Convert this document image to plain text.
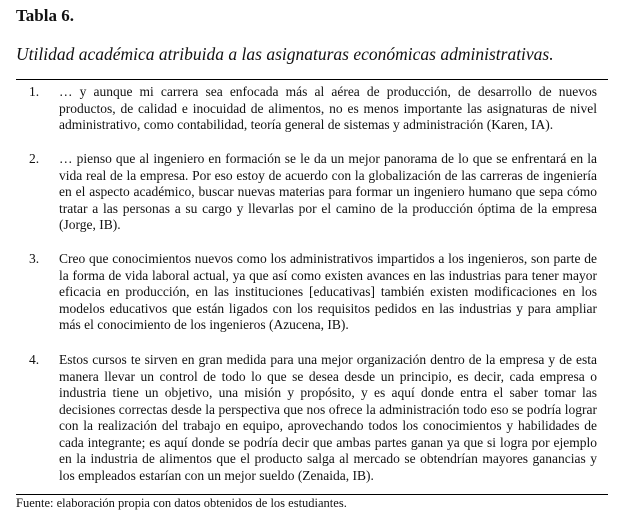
Tabla 6.

Utilidad académica atribuida a las asignaturas económicas administrativas.

1. … y aunque mi carrera sea enfocada más al aérea de producción, de desarrollo de nuevos productos, de calidad e inocuidad de alimentos, no es menos importante las asignaturas de nivel administrativo, como contabilidad, teoría general de sistemas y administración (Karen, IA).
2. … pienso que al ingeniero en formación se le da un mejor panorama de lo que se enfrentará en la vida real de la empresa. Por eso estoy de acuerdo con la globalización de las carreras de ingeniería en el aspecto académico, buscar nuevas materias para formar un ingeniero humano que sepa cómo tratar a las personas a su cargo y llevarlas por el camino de la producción óptima de la empresa (Jorge, IB).
3. Creo que conocimientos nuevos como los administrativos impartidos a los ingenieros, son parte de la forma de vida laboral actual, ya que así como existen avances en las industrias para tener mayor eficacia en producción, en las instituciones [educativas] también existen modificaciones en los modelos educativos que están ligados con los requisitos pedidos en las industrias y para ampliar más el conocimiento de los ingenieros (Azucena, IB).
4. Estos cursos te sirven en gran medida para una mejor organización dentro de la empresa y de esta manera llevar un control de todo lo que se desea desde un principio, es decir, cada empresa o industria tiene un objetivo, una misión y propósito, y es aquí donde entra el saber tomar las decisiones correctas desde la perspectiva que nos ofrece la administración todo eso se podría lograr con la realización del trabajo en equipo, aprovechando todos los conocimientos y habilidades de cada integrante; es aquí donde se podría decir que ambas partes ganan ya que si logra por ejemplo en la industria de alimentos que el producto salga al mercado se obtendrían mayores ganancias y los empleados estarían con un mejor sueldo (Zenaida, IB).

Fuente: elaboración propia con datos obtenidos de los estudiantes.
